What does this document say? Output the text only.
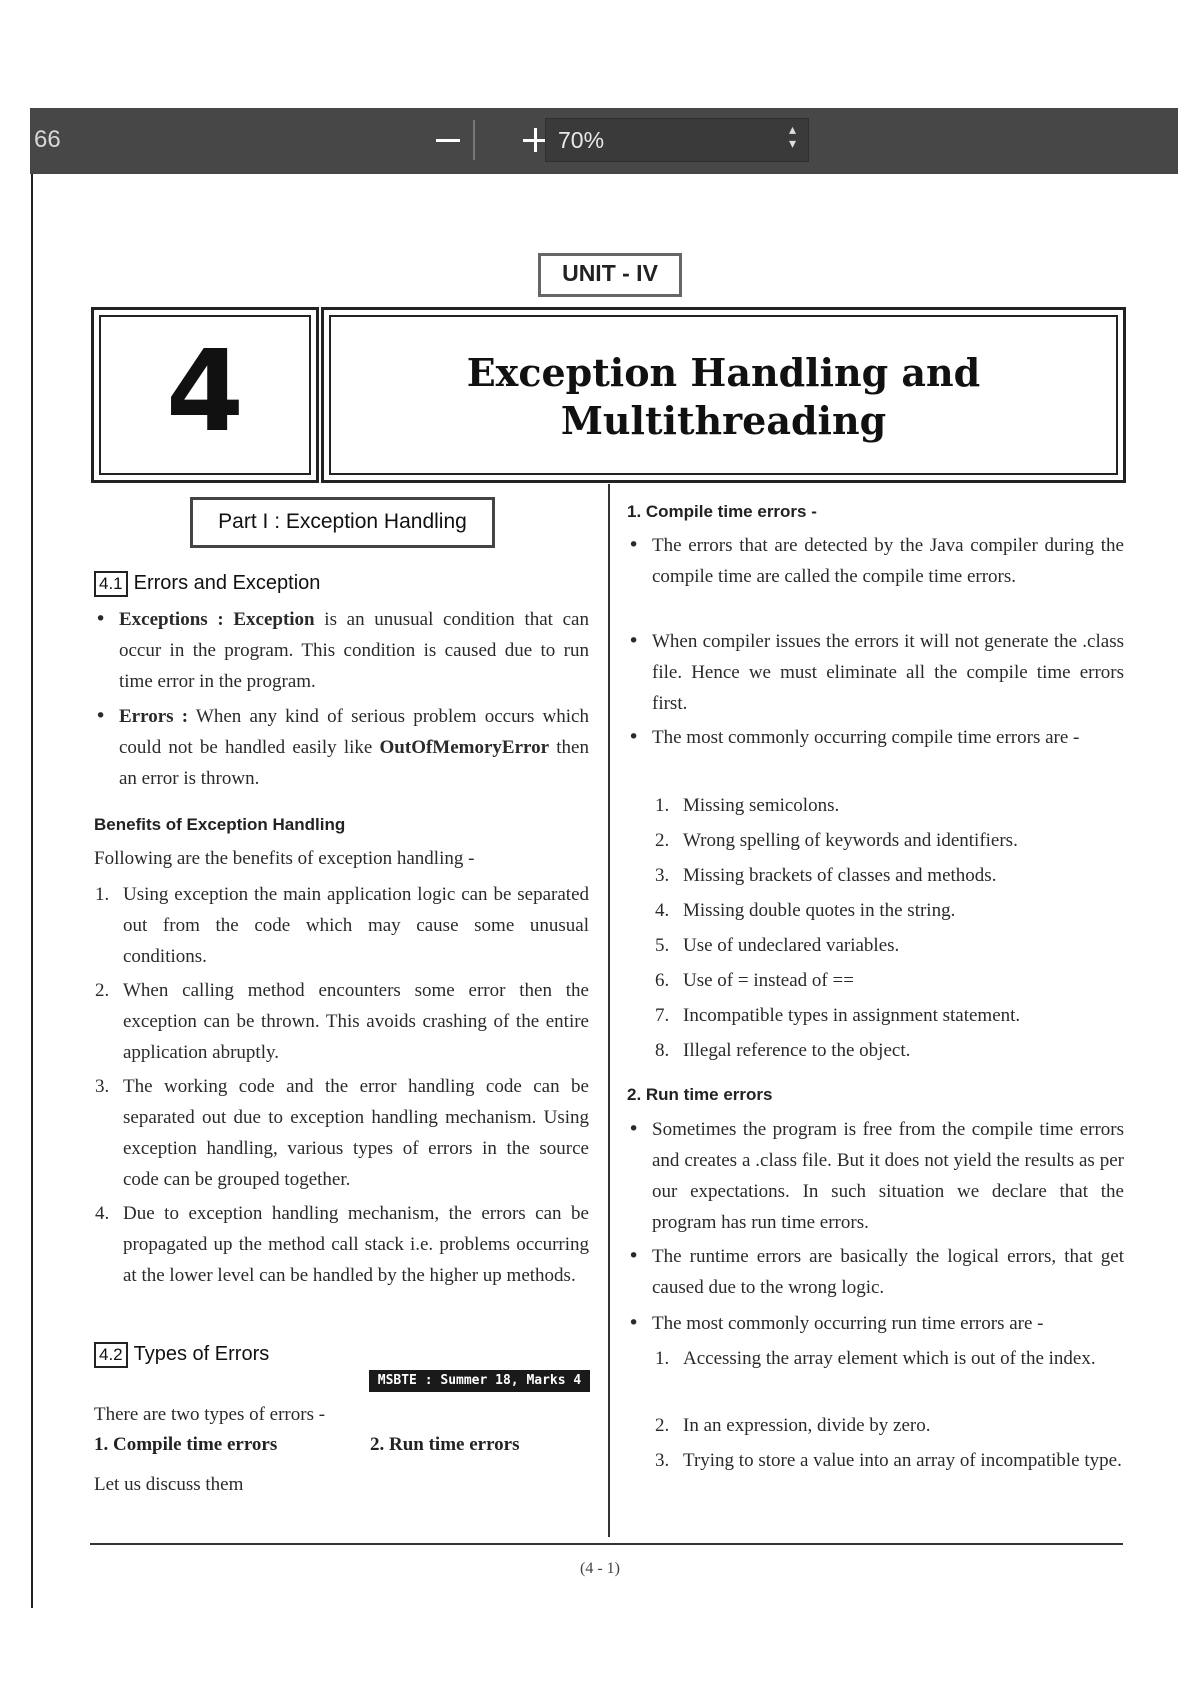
66	70%	▴
▾
UNIT - IV
4	Exception Handling and
Multithreading
Part I : Exception Handling
4.1 Errors and Exception
• Exceptions : Exception is an unusual condition that can occur in the program. This condition is caused due to run time error in the program.
• Errors : When any kind of serious problem occurs which could not be handled easily like OutOfMemoryError then an error is thrown.
Benefits of Exception Handling
Following are the benefits of exception handling -
1. Using exception the main application logic can be separated out from the code which may cause some unusual conditions.
2. When calling method encounters some error then the exception can be thrown. This avoids crashing of the entire application abruptly.
3. The working code and the error handling code can be separated out due to exception handling mechanism. Using exception handling, various types of errors in the source code can be grouped together.
4. Due to exception handling mechanism, the errors can be propagated up the method call stack i.e. problems occurring at the lower level can be handled by the higher up methods.
4.2 Types of Errors
MSBTE : Summer 18, Marks 4
There are two types of errors -
1. Compile time errors	2. Run time errors
Let us discuss them
1. Compile time errors -
• The errors that are detected by the Java compiler during the compile time are called the compile time errors.
• When compiler issues the errors it will not generate the .class file. Hence we must eliminate all the compile time errors first.
• The most commonly occurring compile time errors are -
1. Missing semicolons.
2. Wrong spelling of keywords and identifiers.
3. Missing brackets of classes and methods.
4. Missing double quotes in the string.
5. Use of undeclared variables.
6. Use of = instead of ==
7. Incompatible types in assignment statement.
8. Illegal reference to the object.
2. Run time errors
• Sometimes the program is free from the compile time errors and creates a .class file. But it does not yield the results as per our expectations. In such situation we declare that the program has run time errors.
• The runtime errors are basically the logical errors, that get caused due to the wrong logic.
• The most commonly occurring run time errors are -
1. Accessing the array element which is out of the index.
2. In an expression, divide by zero.
3. Trying to store a value into an array of incompatible type.
(4 - 1)
